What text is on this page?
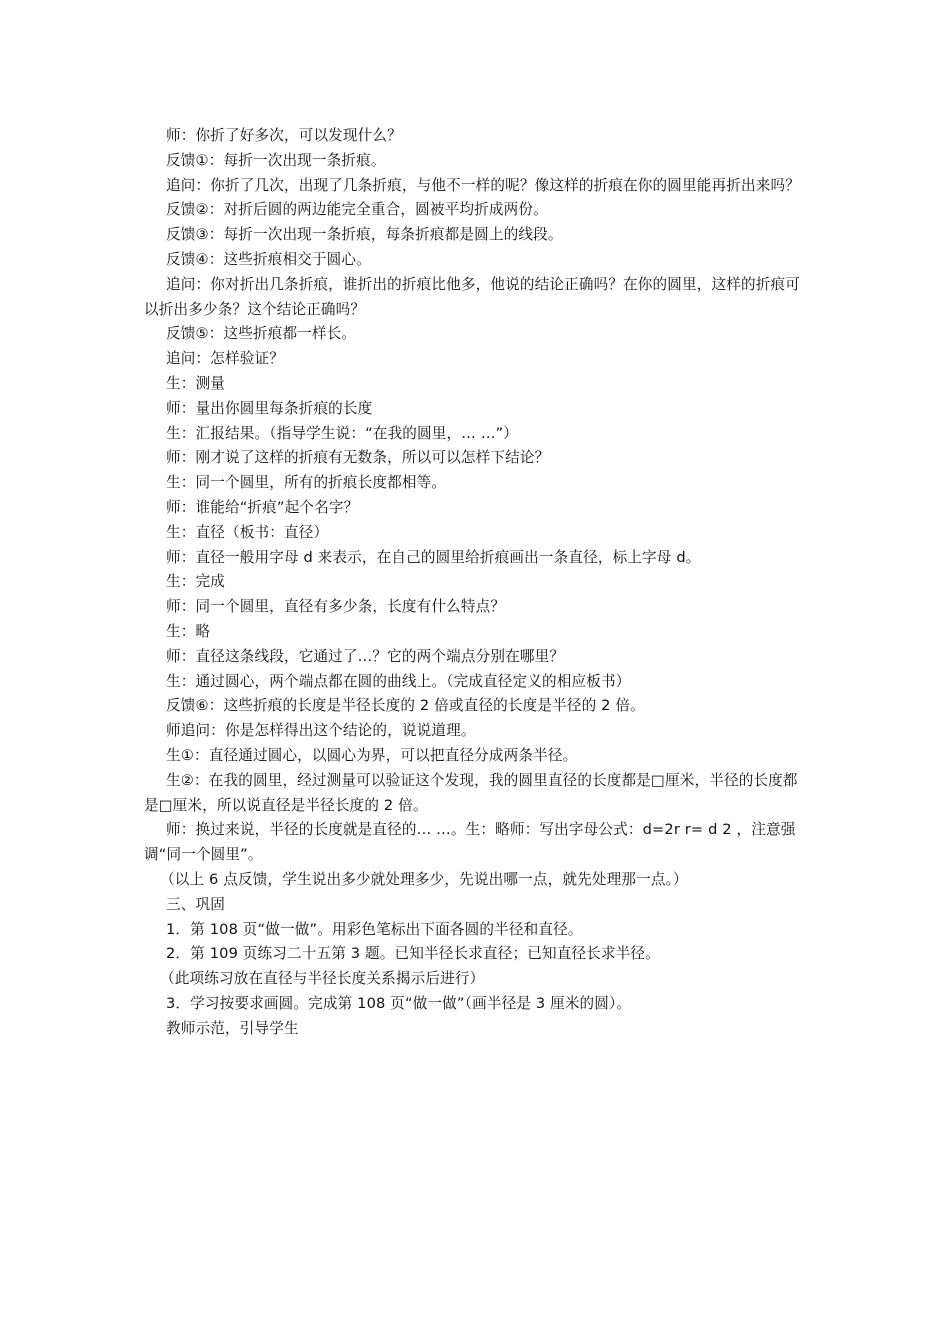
师：你折了好多次，可以发现什么？

反馈①：每折一次出现一条折痕。

追问：你折了几次，出现了几条折痕，与他不一样的呢？像这样的折痕在你的圆里能再折出来吗？

反馈②：对折后圆的两边能完全重合，圆被平均折成两份。

反馈③：每折一次出现一条折痕，每条折痕都是圆上的线段。

反馈④：这些折痕相交于圆心。

追问：你对折出几条折痕，谁折出的折痕比他多，他说的结论正确吗？在你的圆里，这样的折痕可以折出多少条？这个结论正确吗？

反馈⑤：这些折痕都一样长。

追问：怎样验证？

生：测量

师：量出你圆里每条折痕的长度

生：汇报结果。（指导学生说：“在我的圆里，… …”）

师：刚才说了这样的折痕有无数条，所以可以怎样下结论？

生：同一个圆里，所有的折痕长度都相等。

师：谁能给“折痕”起个名字？

生：直径（板书：直径）

师：直径一般用字母 d 来表示，在自己的圆里给折痕画出一条直径，标上字母 d。

生：完成

师：同一个圆里，直径有多少条，长度有什么特点？

生：略

师：直径这条线段，它通过了…？它的两个端点分别在哪里？

生：通过圆心，两个端点都在圆的曲线上。（完成直径定义的相应板书）

反馈⑥：这些折痕的长度是半径长度的 2 倍或直径的长度是半径的 2 倍。

师追问：你是怎样得出这个结论的，说说道理。

生①：直径通过圆心，以圆心为界，可以把直径分成两条半径。

生②：在我的圆里，经过测量可以验证这个发现，我的圆里直径的长度都是□厘米，半径的长度都是□厘米，所以说直径是半径长度的 2 倍。

师：换过来说，半径的长度就是直径的… …。生：略师：写出字母公式：d=2r r= d 2 ，注意强调“同一个圆里”。

（以上 6 点反馈，学生说出多少就处理多少，先说出哪一点，就先处理那一点。）

三、巩固

1．第 108 页“做一做”。用彩色笔标出下面各圆的半径和直径。

2．第 109 页练习二十五第 3 题。已知半径长求直径；已知直径长求半径。

（此项练习放在直径与半径长度关系揭示后进行）

3．学习按要求画圆。完成第 108 页“做一做”（画半径是 3 厘米的圆）。

教师示范，引导学生
